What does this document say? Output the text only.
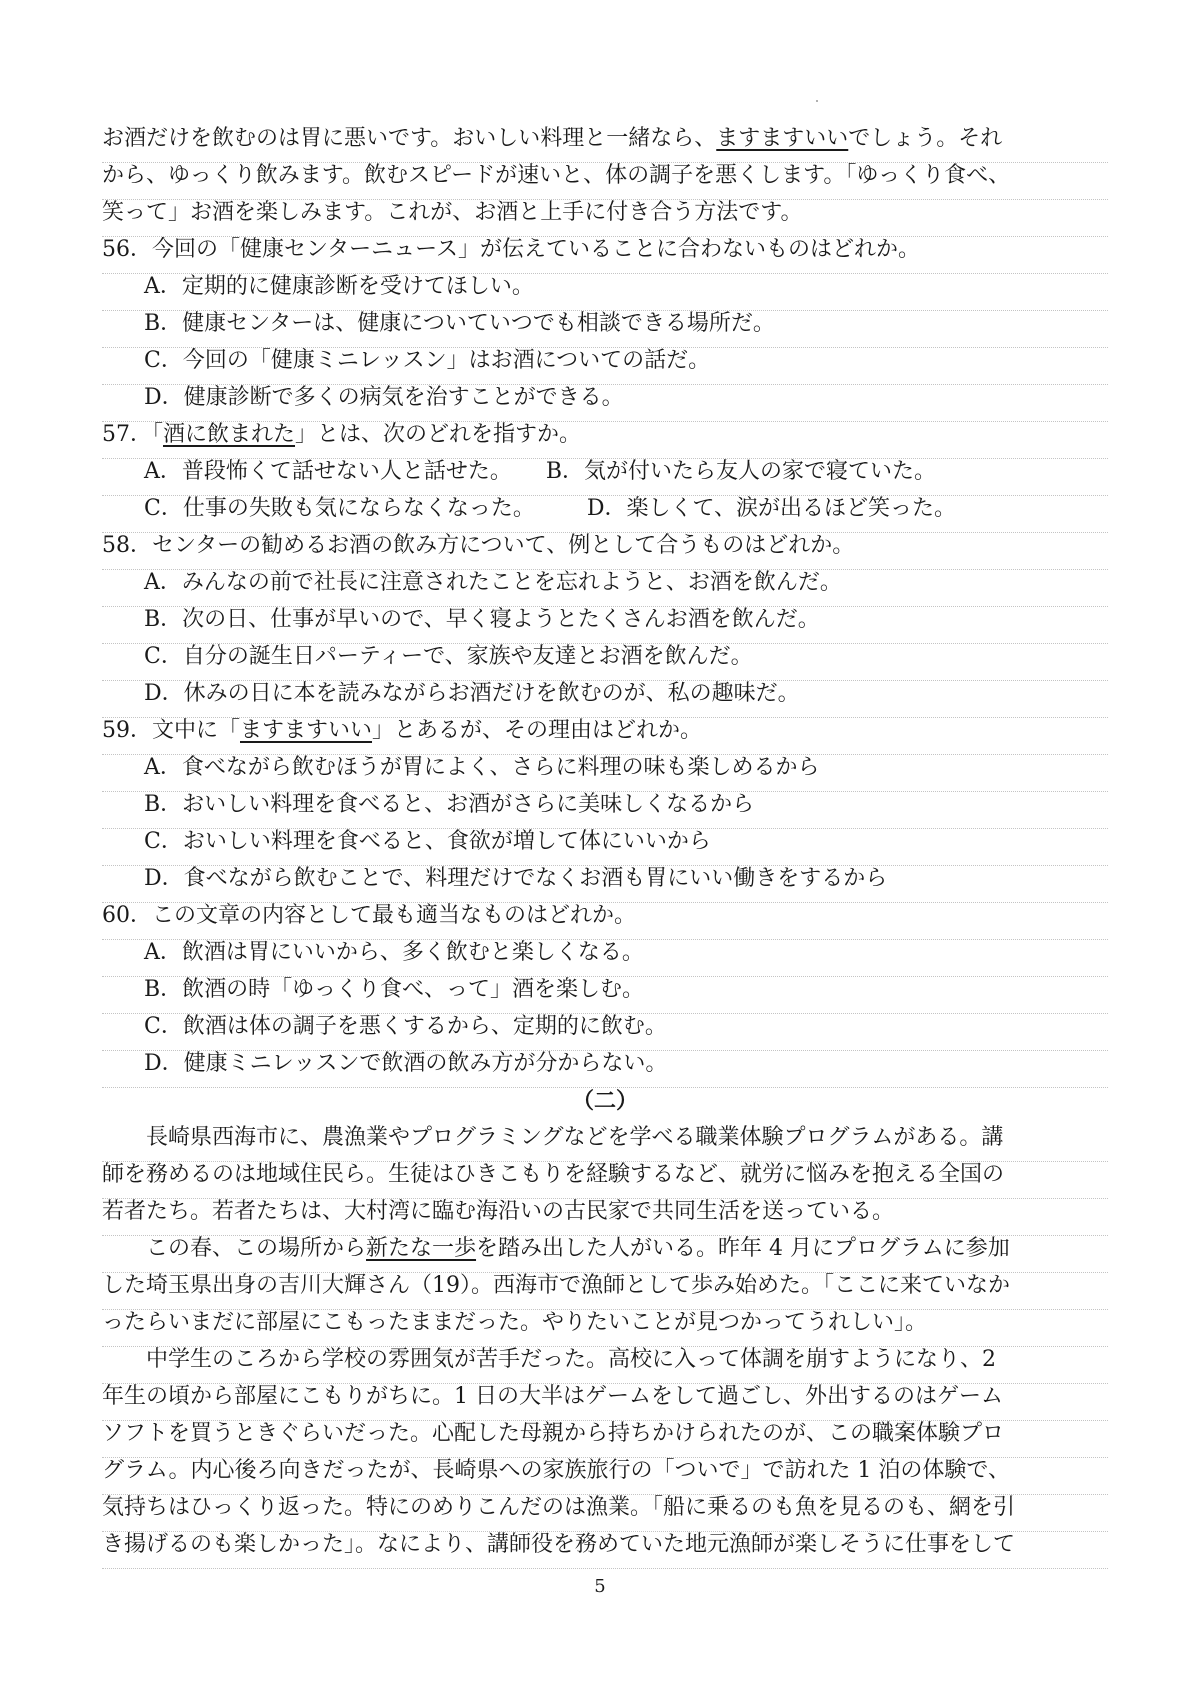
お酒だけを飲むのは胃に悪いです。おいしい料理と一緒なら、ますますいいでしょう。それ
から、ゆっくり飲みます。飲むスピードが速いと、体の調子を悪くします。「ゆっくり食べ、
笑って」お酒を楽しみます。これが、お酒と上手に付き合う方法です。
56．今回の「健康センターニュース」が伝えていることに合わないものはどれか。
A．定期的に健康診断を受けてほしい。
B．健康センターは、健康についていつでも相談できる場所だ。
C．今回の「健康ミニレッスン」はお酒についての話だ。
D．健康診断で多くの病気を治すことができる。
57．「酒に飲まれた」とは、次のどれを指すか。
A．普段怖くて話せない人と話せた。 B．気が付いたら友人の家で寝ていた。
C．仕事の失敗も気にならなくなった。 D．楽しくて、涙が出るほど笑った。
58．センターの勧めるお酒の飲み方について、例として合うものはどれか。
A．みんなの前で社長に注意されたことを忘れようと、お酒を飲んだ。
B．次の日、仕事が早いので、早く寝ようとたくさんお酒を飲んだ。
C．自分の誕生日パーティーで、家族や友達とお酒を飲んだ。
D．休みの日に本を読みながらお酒だけを飲むのが、私の趣味だ。
59．文中に「ますますいい」とあるが、その理由はどれか。
A．食べながら飲むほうが胃によく、さらに料理の味も楽しめるから
B．おいしい料理を食べると、お酒がさらに美味しくなるから
C．おいしい料理を食べると、食欲が増して体にいいから
D．食べながら飲むことで、料理だけでなくお酒も胃にいい働きをするから
60．この文章の内容として最も適当なものはどれか。
A．飲酒は胃にいいから、多く飲むと楽しくなる。
B．飲酒の時「ゆっくり食べ、って」酒を楽しむ。
C．飲酒は体の調子を悪くするから、定期的に飲む。
D．健康ミニレッスンで飲酒の飲み方が分からない。
（二）
長崎県西海市に、農漁業やプログラミングなどを学べる職業体験プログラムがある。講
師を務めるのは地域住民ら。生徒はひきこもりを経験するなど、就労に悩みを抱える全国の
若者たち。若者たちは、大村湾に臨む海沿いの古民家で共同生活を送っている。
この春、この場所から新たな一歩を踏み出した人がいる。昨年 4 月にプログラムに参加
した埼玉県出身の吉川大輝さん（19）。西海市で漁師として歩み始めた。「ここに来ていなか
ったらいまだに部屋にこもったままだった。やりたいことが見つかってうれしい」。
中学生のころから学校の雰囲気が苦手だった。高校に入って体調を崩すようになり、2
年生の頃から部屋にこもりがちに。1 日の大半はゲームをして過ごし、外出するのはゲーム
ソフトを買うときぐらいだった。心配した母親から持ちかけられたのが、この職案体験プロ
グラム。内心後ろ向きだったが、長崎県への家族旅行の「ついで」で訪れた 1 泊の体験で、
気持ちはひっくり返った。特にのめりこんだのは漁業。「船に乗るのも魚を見るのも、網を引
き揚げるのも楽しかった」。なにより、講師役を務めていた地元漁師が楽しそうに仕事をして
5
